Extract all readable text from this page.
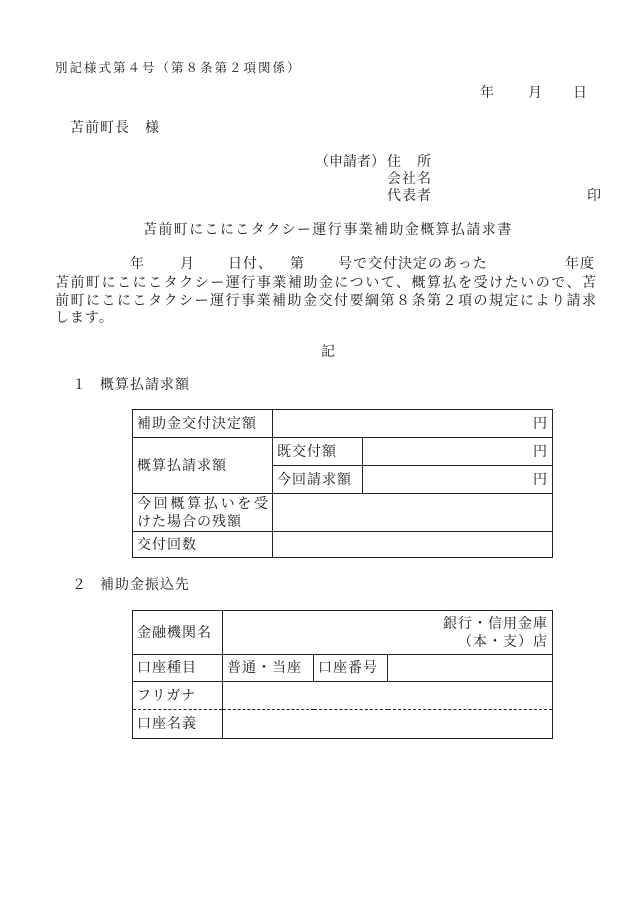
別記様式第４号（第８条第２項関係）
年 月 日
苫前町長　様
（申請者） 住　所
会社名
代表者	印
苫前町にこにこタクシー運行事業補助金概算払請求書
年	月 日付、 第 号で交付決定のあった	年度
苫前町にこにこタクシー運行事業補助金について、概算払を受けたいので、苫
前町にこにこタクシー運行事業補助金交付要綱第８条第２項の規定により請求
します。
記
１ 概算払請求額
補助金交付決定額	円	
概算払請求額	既交付額	円
	今回請求額	円

今回概算払いを受
けた場合の残額		

交付回数		
２ 補助金振込先
金融機関名	銀行・信用金庫
（本・支）店		

口座種目	普通・当座	口座番号	
フリガナ			
口座名義			
